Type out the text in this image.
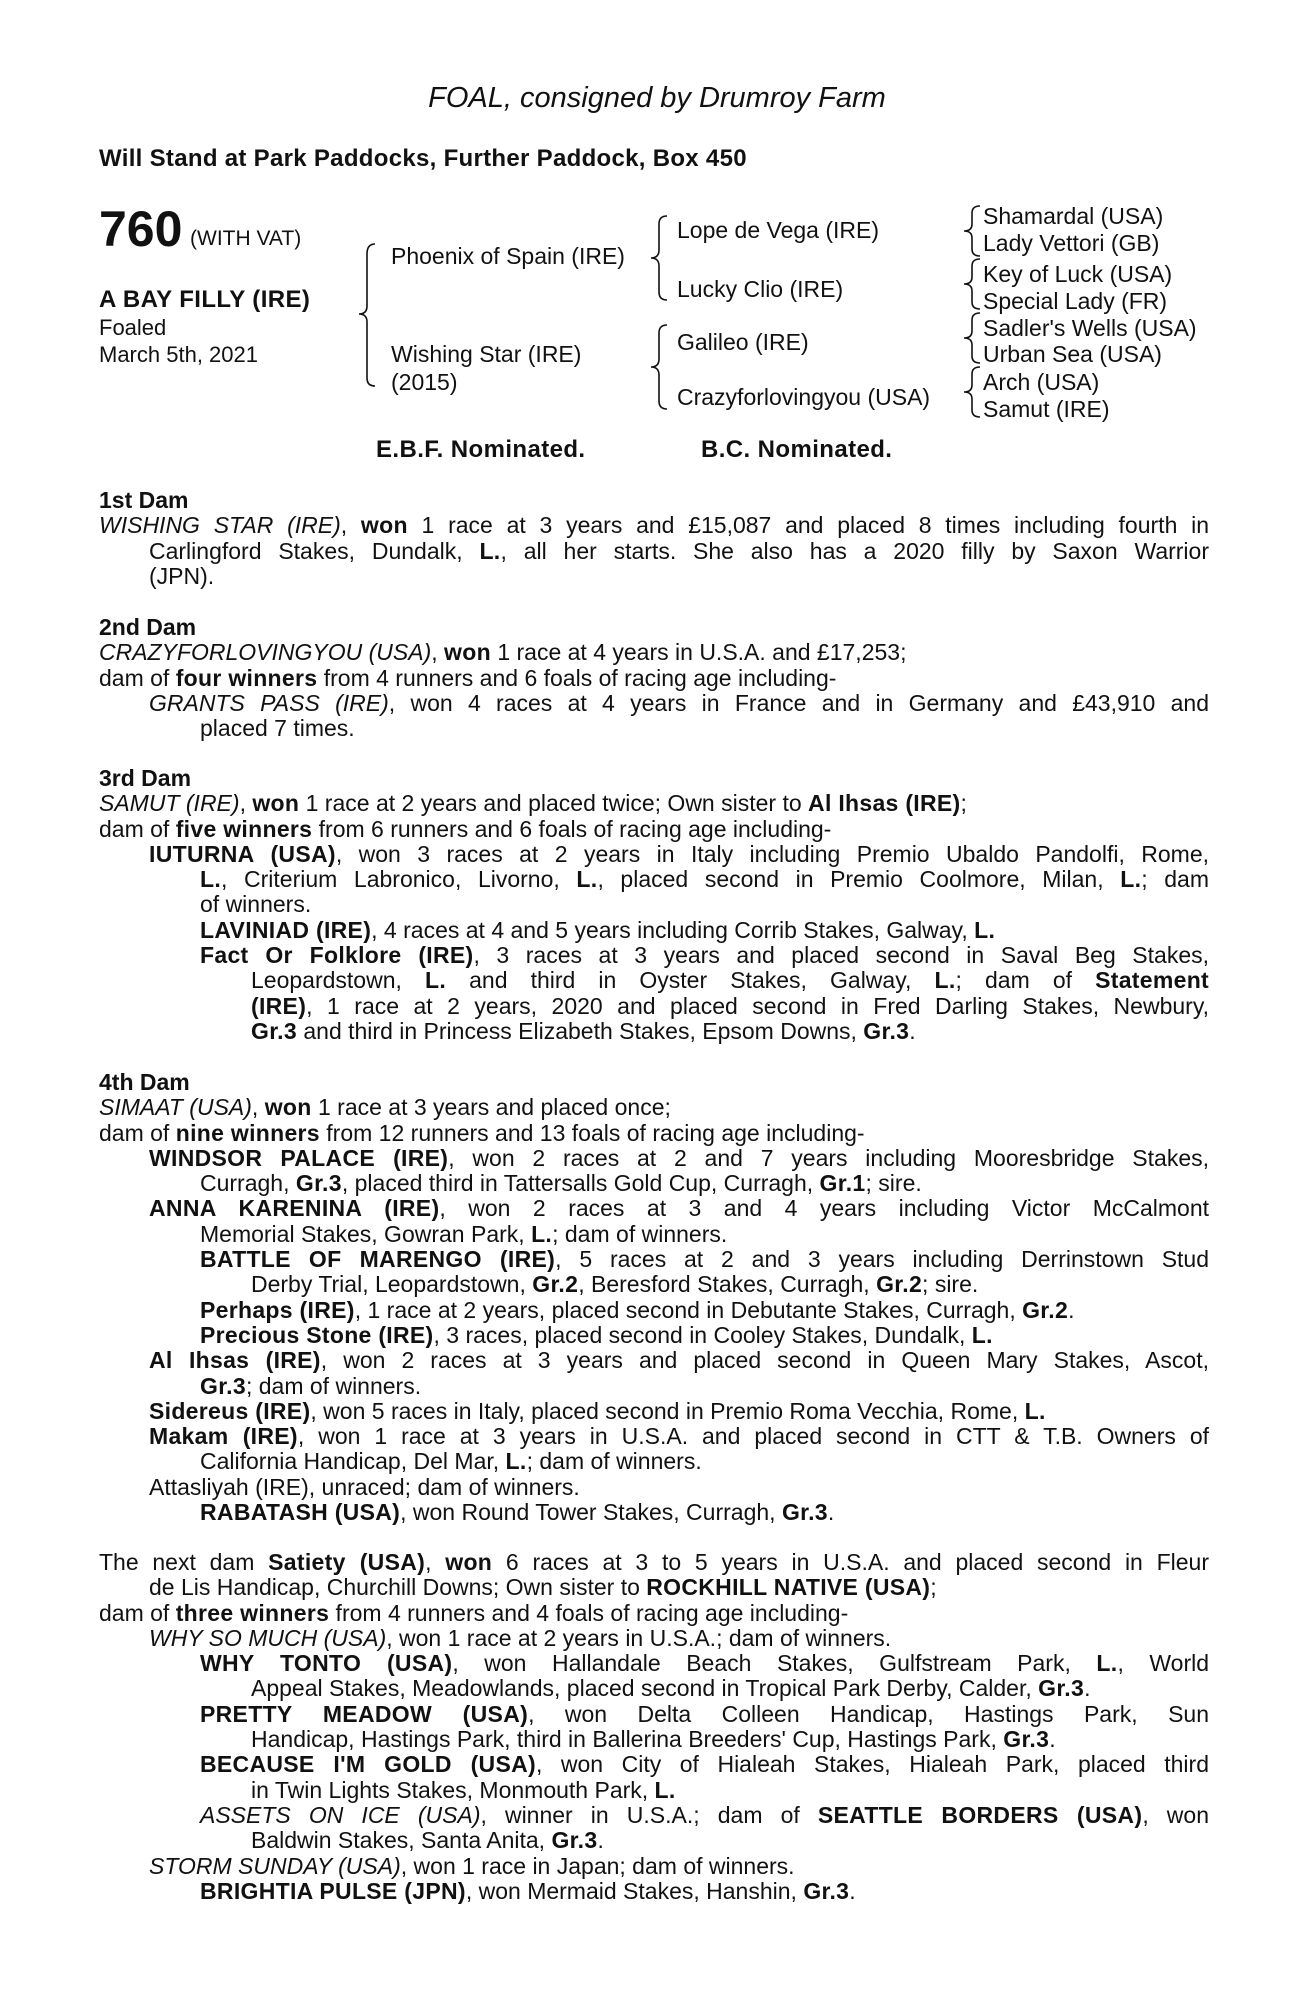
FOAL, consigned by Drumroy Farm
Will Stand at Park Paddocks, Further Paddock, Box 450
760 (WITH VAT)
A BAY FILLY (IRE)
Foaled
March 5th, 2021
Phoenix of Spain (IRE)
Wishing Star (IRE)
(2015)
Lope de Vega (IRE)
Lucky Clio (IRE)
Galileo (IRE)
Crazyforlovingyou (USA)
Shamardal (USA)
Lady Vettori (GB)
Key of Luck (USA)
Special Lady (FR)
Sadler's Wells (USA)
Urban Sea (USA)
Arch (USA)
Samut (IRE)
E.B.F. Nominated.	B.C. Nominated.
1st Dam
WISHING STAR (IRE), won 1 race at 3 years and £15,087 and placed 8 times including fourth in
Carlingford Stakes, Dundalk, L., all her starts. She also has a 2020 filly by Saxon Warrior
(JPN).
2nd Dam
CRAZYFORLOVINGYOU (USA), won 1 race at 4 years in U.S.A. and £17,253;
dam of four winners from 4 runners and 6 foals of racing age including-
GRANTS PASS (IRE), won 4 races at 4 years in France and in Germany and £43,910 and
placed 7 times.
3rd Dam
SAMUT (IRE), won 1 race at 2 years and placed twice; Own sister to Al Ihsas (IRE);
dam of five winners from 6 runners and 6 foals of racing age including-
IUTURNA (USA), won 3 races at 2 years in Italy including Premio Ubaldo Pandolfi, Rome,
L., Criterium Labronico, Livorno, L., placed second in Premio Coolmore, Milan, L.; dam
of winners.
LAVINIAD (IRE), 4 races at 4 and 5 years including Corrib Stakes, Galway, L.
Fact Or Folklore (IRE), 3 races at 3 years and placed second in Saval Beg Stakes,
Leopardstown, L. and third in Oyster Stakes, Galway, L.; dam of Statement
(IRE), 1 race at 2 years, 2020 and placed second in Fred Darling Stakes, Newbury,
Gr.3 and third in Princess Elizabeth Stakes, Epsom Downs, Gr.3.
4th Dam
SIMAAT (USA), won 1 race at 3 years and placed once;
dam of nine winners from 12 runners and 13 foals of racing age including-
WINDSOR PALACE (IRE), won 2 races at 2 and 7 years including Mooresbridge Stakes,
Curragh, Gr.3, placed third in Tattersalls Gold Cup, Curragh, Gr.1; sire.
ANNA KARENINA (IRE), won 2 races at 3 and 4 years including Victor McCalmont
Memorial Stakes, Gowran Park, L.; dam of winners.
BATTLE OF MARENGO (IRE), 5 races at 2 and 3 years including Derrinstown Stud
Derby Trial, Leopardstown, Gr.2, Beresford Stakes, Curragh, Gr.2; sire.
Perhaps (IRE), 1 race at 2 years, placed second in Debutante Stakes, Curragh, Gr.2.
Precious Stone (IRE), 3 races, placed second in Cooley Stakes, Dundalk, L.
Al Ihsas (IRE), won 2 races at 3 years and placed second in Queen Mary Stakes, Ascot,
Gr.3; dam of winners.
Sidereus (IRE), won 5 races in Italy, placed second in Premio Roma Vecchia, Rome, L.
Makam (IRE), won 1 race at 3 years in U.S.A. and placed second in CTT & T.B. Owners of
California Handicap, Del Mar, L.; dam of winners.
Attasliyah (IRE), unraced; dam of winners.
RABATASH (USA), won Round Tower Stakes, Curragh, Gr.3.
The next dam Satiety (USA), won 6 races at 3 to 5 years in U.S.A. and placed second in Fleur
de Lis Handicap, Churchill Downs; Own sister to ROCKHILL NATIVE (USA);
dam of three winners from 4 runners and 4 foals of racing age including-
WHY SO MUCH (USA), won 1 race at 2 years in U.S.A.; dam of winners.
WHY TONTO (USA), won Hallandale Beach Stakes, Gulfstream Park, L., World
Appeal Stakes, Meadowlands, placed second in Tropical Park Derby, Calder, Gr.3.
PRETTY MEADOW (USA), won Delta Colleen Handicap, Hastings Park, Sun
Handicap, Hastings Park, third in Ballerina Breeders' Cup, Hastings Park, Gr.3.
BECAUSE I'M GOLD (USA), won City of Hialeah Stakes, Hialeah Park, placed third
in Twin Lights Stakes, Monmouth Park, L.
ASSETS ON ICE (USA), winner in U.S.A.; dam of SEATTLE BORDERS (USA), won
Baldwin Stakes, Santa Anita, Gr.3.
STORM SUNDAY (USA), won 1 race in Japan; dam of winners.
BRIGHTIA PULSE (JPN), won Mermaid Stakes, Hanshin, Gr.3.
